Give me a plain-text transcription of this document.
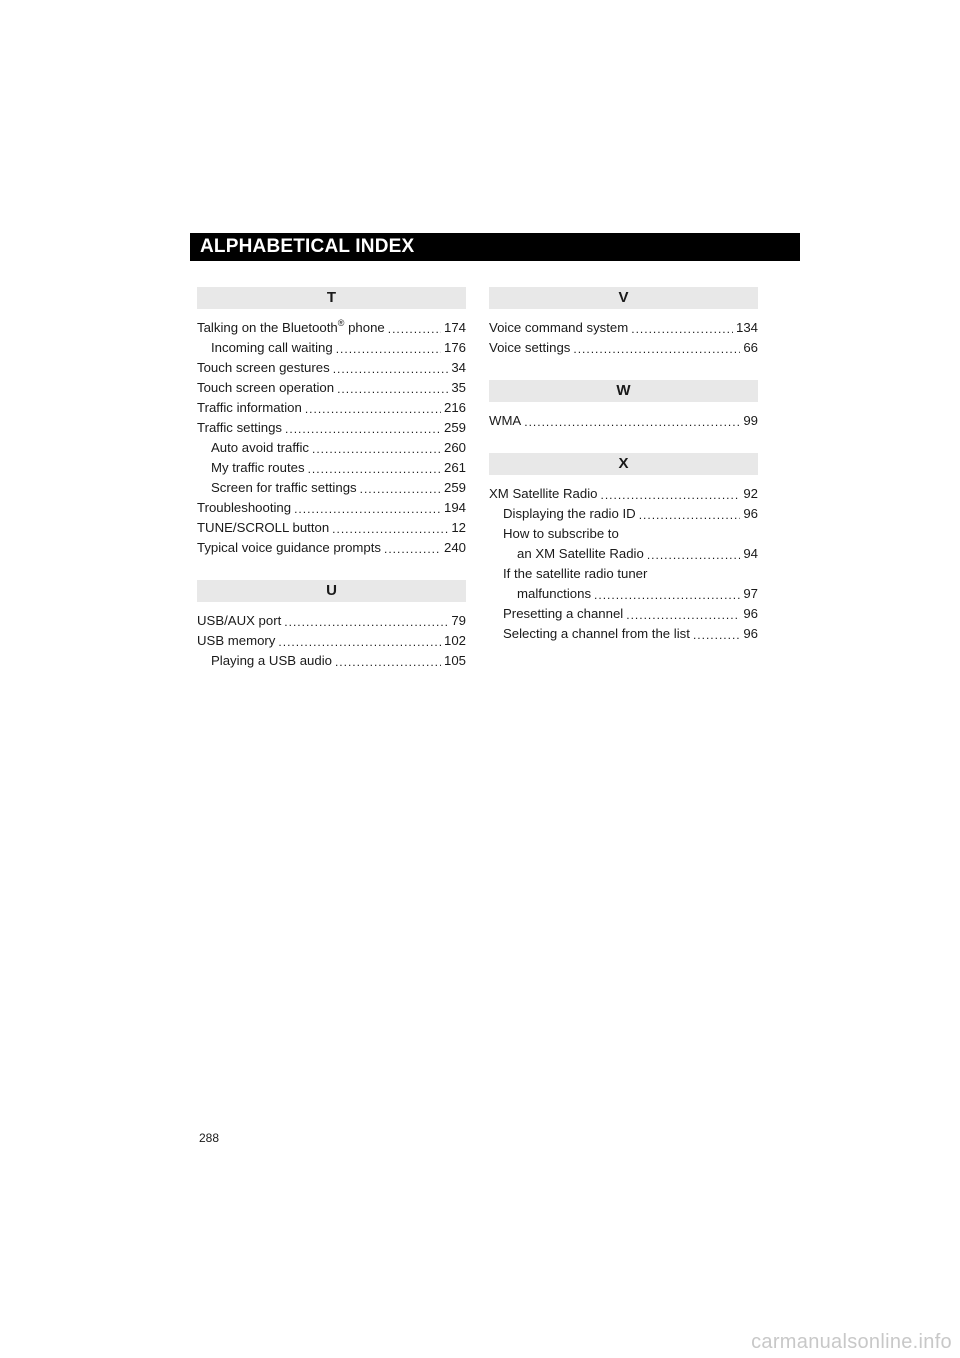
ALPHABETICAL INDEX
T
Talking on the Bluetooth® phone .....	174
Incoming call waiting .....	176
Touch screen gestures .....	34
Touch screen operation .....	35
Traffic information .....	216
Traffic settings .....	259
Auto avoid traffic .....	260
My traffic routes .....	261
Screen for traffic settings .....	259
Troubleshooting .....	194
TUNE/SCROLL button .....	12
Typical voice guidance prompts .....	240
U
USB/AUX port .....	79
USB memory .....	102
Playing a USB audio .....	105
V
Voice command system .....	134
Voice settings .....	66
W
WMA .....	99
X
XM Satellite Radio .....	92
Displaying the radio ID .....	96
How to subscribe to
an XM Satellite Radio .....	94
If the satellite radio tuner
malfunctions .....	97
Presetting a channel .....	96
Selecting a channel from the list .....	96
288
carmanualsonline.info
